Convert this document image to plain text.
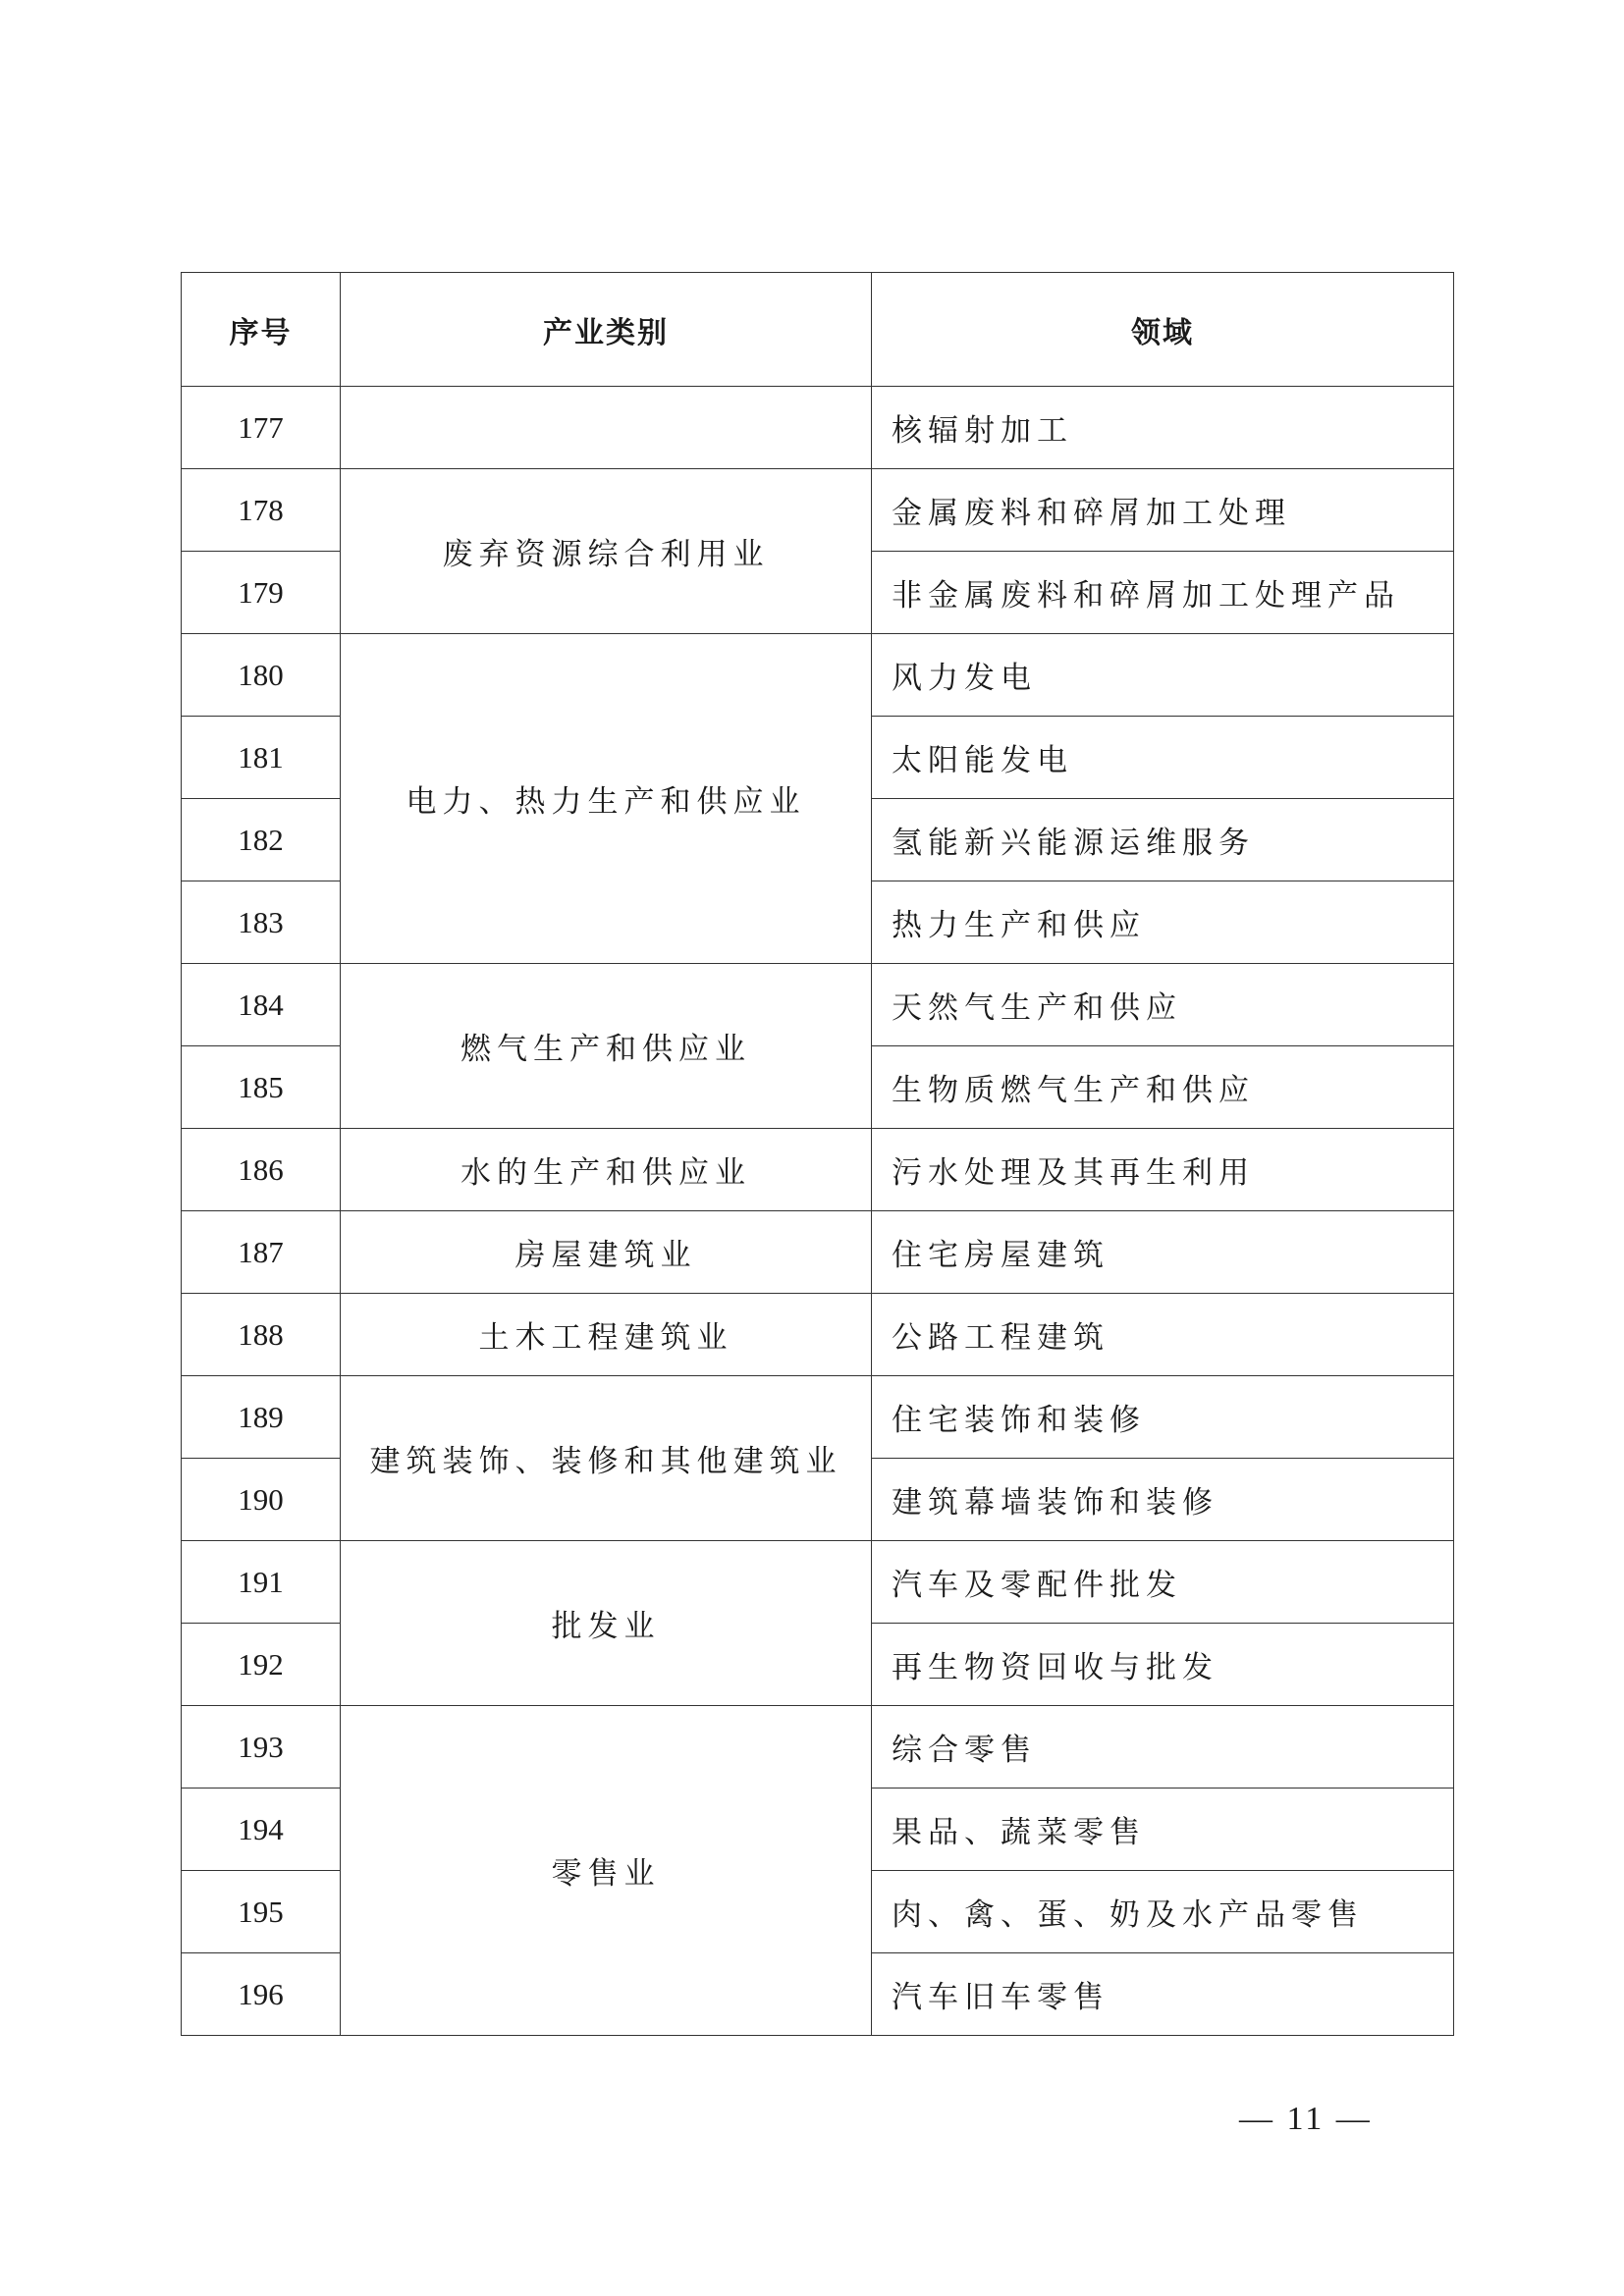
序号	产业类别	领域
177		核辐射加工
178	废弃资源综合利用业	金属废料和碎屑加工处理
179		非金属废料和碎屑加工处理产品
180	电力、热力生产和供应业	风力发电
181		太阳能发电
182		氢能新兴能源运维服务
183		热力生产和供应
184	燃气生产和供应业	天然气生产和供应
185		生物质燃气生产和供应
186	水的生产和供应业	污水处理及其再生利用
187	房屋建筑业	住宅房屋建筑
188	土木工程建筑业	公路工程建筑
189	建筑装饰、装修和其他建筑业	住宅装饰和装修
190		建筑幕墙装饰和装修
191	批发业	汽车及零配件批发
192		再生物资回收与批发
193	零售业	综合零售
194		果品、蔬菜零售
195		肉、禽、蛋、奶及水产品零售
196		汽车旧车零售
— 11 —
